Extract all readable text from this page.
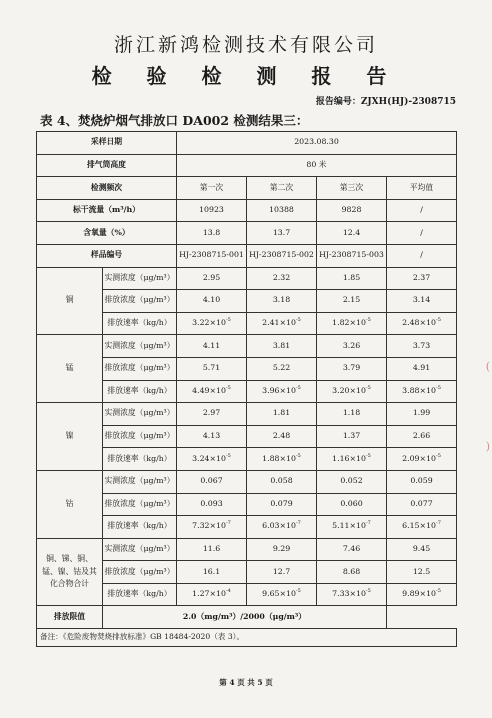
浙江新鸿检测技术有限公司
检 验 检 测 报 告
报告编号：ZJXH(HJ)-2308715
表 4、焚烧炉烟气排放口 DA002 检测结果三：
采样日期		2023.08.30			
排气筒高度		80 米			
检测频次		第一次	第二次	第三次	平均值
标干流量（m³/h）		10923	10388	9828	/
含氧量（%）		13.8	13.7	12.4	/
样品编号		HJ-2308715-001	HJ-2308715-002	HJ-2308715-003	/
铜	实测浓度（μg/m³）	2.95	2.32	1.85	2.37
	排放浓度（μg/m³）	4.10	3.18	2.15	3.14
	排放速率（kg/h）	$3.22\times 10^{-5}$	$2.41\times 10^{-5}$	$1.82\times 10^{-5}$	$2.48\times 10^{-5}$
锰	实测浓度（μg/m³）	4.11	3.81	3.26	3.73
	排放浓度（μg/m³）	5.71	5.22	3.79	4.91
	排放速率（kg/h）	$4.49\times 10^{-5}$	$3.96\times 10^{-5}$	$3.20\times 10^{-5}$	$3.88\times 10^{-5}$
镍	实测浓度（μg/m³）	2.97	1.81	1.18	1.99
	排放浓度（μg/m³）	4.13	2.48	1.37	2.66
	排放速率（kg/h）	$3.24\times 10^{-5}$	$1.88\times 10^{-5}$	$1.16\times 10^{-5}$	$2.09\times 10^{-5}$
钴	实测浓度（μg/m³）	0.067	0.058	0.052	0.059
	排放浓度（μg/m³）	0.093	0.079	0.060	0.077
	排放速率（kg/h）	$7.32\times 10^{-7}$	$6.03\times 10^{-7}$	$5.11\times 10^{-7}$	$6.15\times 10^{-7}$
铜、锑、铜、锰、镍、钴及其化合物合计	实测浓度（μg/m³）	11.6	9.29	7.46	9.45
	排放浓度（μg/m³）	16.1	12.7	8.68	12.5
	排放速率（kg/h）	$1.27\times 10^{-4}$	$9.65\times 10^{-5}$	$7.33\times 10^{-5}$	$9.89\times 10^{-5}$
排放限值	2.0（mg/m³）/2000（μg/m³）				
备注：《危险废物焚烧排放标准》GB 18484-2020（表 3）。					
(
)
第 4 页 共 5 页
